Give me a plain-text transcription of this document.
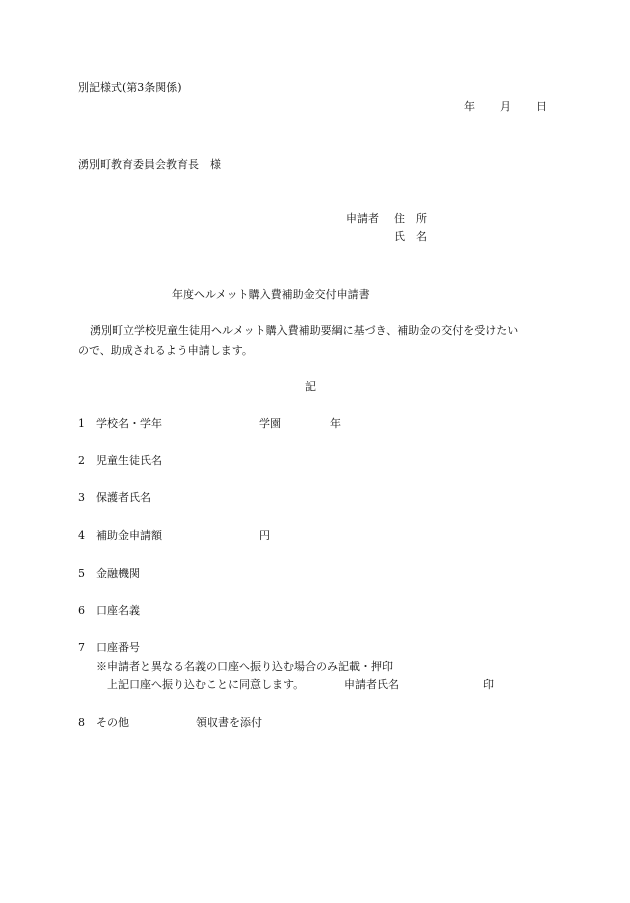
別記様式(第3条関係)
年 月 日
湧別町教育委員会教育長　様
申請者 住　所
氏　名
年度ヘルメット購入費補助金交付申請書
湧別町立学校児童生徒用ヘルメット購入費補助要綱に基づき、補助金の交付を受けたい
ので、助成されるよう申請します。
記
1 学校名・学年	学園	年
2 児童生徒氏名
3 保護者氏名
4 補助金申請額	円
5 金融機関
6 口座名義
7 口座番号
※申請者と異なる名義の口座へ振り込む場合のみ記載・押印
上記口座へ振り込むことに同意します。	申請者氏名	印
8 その他	領収書を添付
